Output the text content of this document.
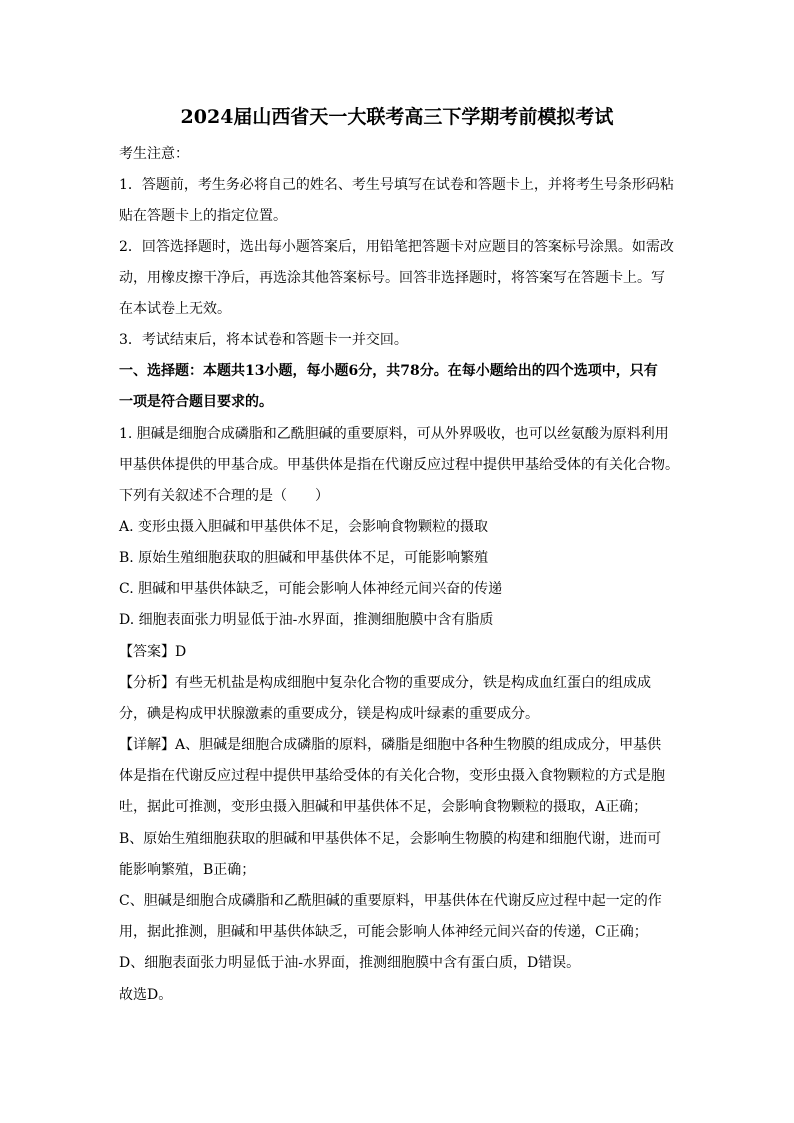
2024届山西省天一大联考高三下学期考前模拟考试
考生注意：
1．答题前，考生务必将自己的姓名、考生号填写在试卷和答题卡上，并将考生号条形码粘
贴在答题卡上的指定位置。
2．回答选择题时，选出每小题答案后，用铅笔把答题卡对应题目的答案标号涂黑。如需改
动，用橡皮擦干净后，再选涂其他答案标号。回答非选择题时，将答案写在答题卡上。写
在本试卷上无效。
3．考试结束后，将本试卷和答题卡一并交回。
一、选择题：本题共13小题，每小题6分，共78分。在每小题给出的四个选项中，只有
一项是符合题目要求的。
1. 胆碱是细胞合成磷脂和乙酰胆碱的重要原料，可从外界吸收，也可以丝氨酸为原料利用
甲基供体提供的甲基合成。甲基供体是指在代谢反应过程中提供甲基给受体的有关化合物。
下列有关叙述不合理的是（　　）
A. 变形虫摄入胆碱和甲基供体不足，会影响食物颗粒的摄取
B. 原始生殖细胞获取的胆碱和甲基供体不足，可能影响繁殖
C. 胆碱和甲基供体缺乏，可能会影响人体神经元间兴奋的传递
D. 细胞表面张力明显低于油-水界面，推测细胞膜中含有脂质
【答案】D
【分析】有些无机盐是构成细胞中复杂化合物的重要成分，铁是构成血红蛋白的组成成
分，碘是构成甲状腺激素的重要成分，镁是构成叶绿素的重要成分。
【详解】A、胆碱是细胞合成磷脂的原料，磷脂是细胞中各种生物膜的组成成分，甲基供
体是指在代谢反应过程中提供甲基给受体的有关化合物，变形虫摄入食物颗粒的方式是胞
吐，据此可推测，变形虫摄入胆碱和甲基供体不足，会影响食物颗粒的摄取，A正确；
B、原始生殖细胞获取的胆碱和甲基供体不足，会影响生物膜的构建和细胞代谢，进而可
能影响繁殖，B正确；
C、胆碱是细胞合成磷脂和乙酰胆碱的重要原料，甲基供体在代谢反应过程中起一定的作
用，据此推测，胆碱和甲基供体缺乏，可能会影响人体神经元间兴奋的传递，C正确；
D、细胞表面张力明显低于油-水界面，推测细胞膜中含有蛋白质，D错误。
故选D。
